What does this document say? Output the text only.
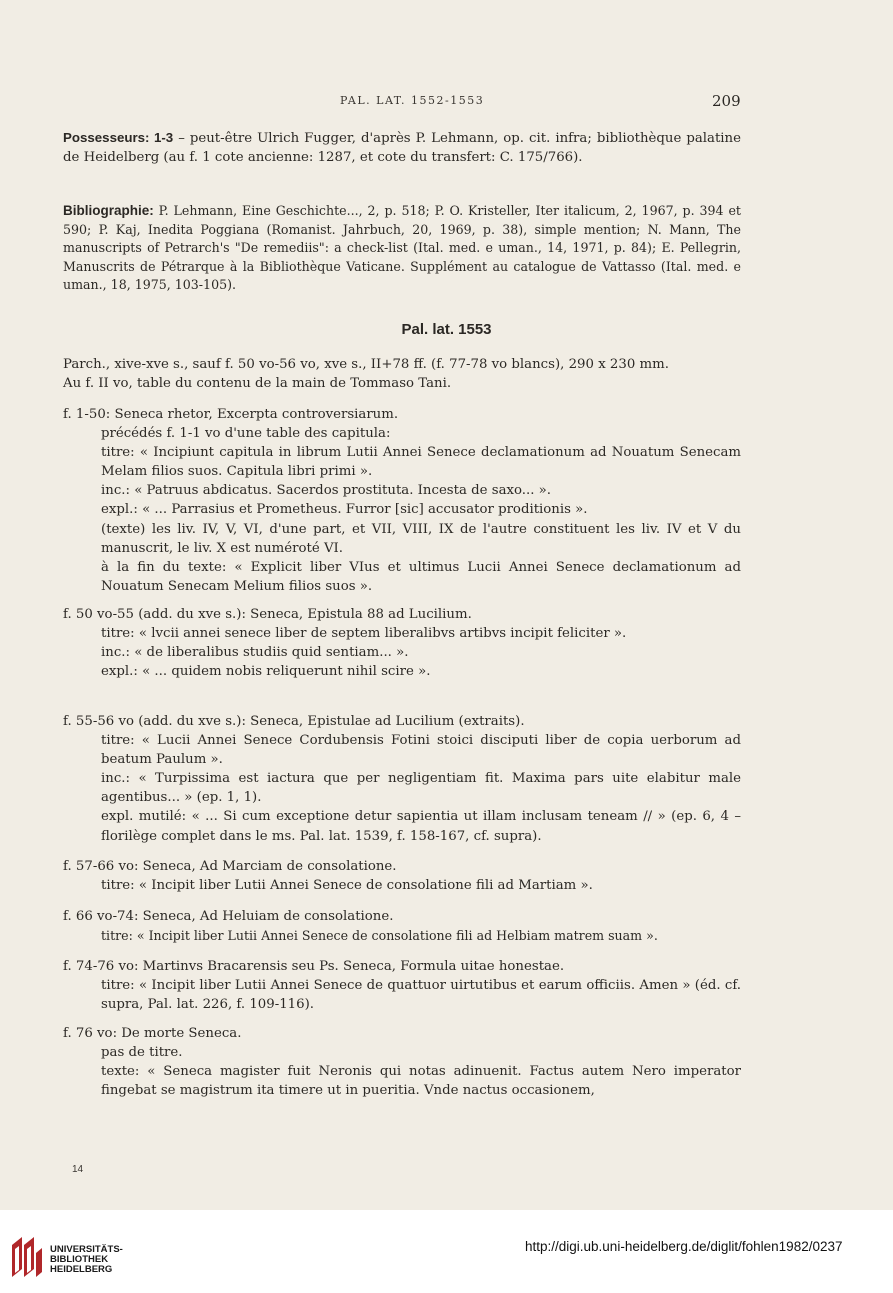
PAL. LAT. 1552-1553	209
Possesseurs: 1-3 – peut-être Ulrich Fugger, d'après P. Lehmann, op. cit. infra; bibliothèque palatine de Heidelberg (au f. 1 cote ancienne: 1287, et cote du transfert: C. 175/766).
Bibliographie: P. Lehmann, Eine Geschichte..., 2, p. 518; P. O. Kristeller, Iter italicum, 2, 1967, p. 394 et 590; P. Kaj, Inedita Poggiana (Romanist. Jahrbuch, 20, 1969, p. 38), simple mention; N. Mann, The manuscripts of Petrarch's "De remediis": a check-list (Ital. med. e uman., 14, 1971, p. 84); E. Pellegrin, Manuscrits de Pétrarque à la Bibliothèque Vaticane. Supplément au catalogue de Vattasso (Ital. med. e uman., 18, 1975, 103-105).
Pal. lat. 1553
Parch., xive-xve s., sauf f. 50 vo-56 vo, xve s., II+78 ff. (f. 77-78 vo blancs), 290 x 230 mm.
Au f. II vo, table du contenu de la main de Tommaso Tani.
f. 1-50: Seneca rhetor, Excerpta controversiarum.
précédés f. 1-1 vo d'une table des capitula:
titre: « Incipiunt capitula in librum Lutii Annei Senece declamationum ad Nouatum Senecam Melam filios suos. Capitula libri primi ».
inc.: « Patruus abdicatus. Sacerdos prostituta. Incesta de saxo... ».
expl.: « ... Parrasius et Prometheus. Furror [sic] accusator proditionis ».
(texte) les liv. IV, V, VI, d'une part, et VII, VIII, IX de l'autre constituent les liv. IV et V du manuscrit, le liv. X est numéroté VI.
à la fin du texte: « Explicit liber VIus et ultimus Lucii Annei Senece declamationum ad Nouatum Senecam Melium filios suos ».
f. 50 vo-55 (add. du xve s.): Seneca, Epistula 88 ad Lucilium.
titre: « lvcii annei senece liber de septem liberalibvs artibvs incipit feliciter ».
inc.: « de liberalibus studiis quid sentiam... ».
expl.: « ... quidem nobis reliquerunt nihil scire ».
f. 55-56 vo (add. du xve s.): Seneca, Epistulae ad Lucilium (extraits).
titre: « Lucii Annei Senece Cordubensis Fotini stoici disciputi liber de copia uerborum ad beatum Paulum ».
inc.: « Turpissima est iactura que per negligentiam fit. Maxima pars uite elabitur male agentibus... » (ep. 1, 1).
expl. mutilé: « ... Si cum exceptione detur sapientia ut illam inclusam teneam // » (ep. 6, 4 – florilège complet dans le ms. Pal. lat. 1539, f. 158-167, cf. supra).
f. 57-66 vo: Seneca, Ad Marciam de consolatione.
titre: « Incipit liber Lutii Annei Senece de consolatione fili ad Martiam ».
f. 66 vo-74: Seneca, Ad Heluiam de consolatione.
titre: « Incipit liber Lutii Annei Senece de consolatione fili ad Helbiam matrem suam ».
f. 74-76 vo: Martinvs Bracarensis seu Ps. Seneca, Formula uitae honestae.
titre: « Incipit liber Lutii Annei Senece de quattuor uirtutibus et earum officiis. Amen » (éd. cf. supra, Pal. lat. 226, f. 109-116).
f. 76 vo: De morte Seneca.
pas de titre.
texte: « Seneca magister fuit Neronis qui notas adinuenit. Factus autem Nero imperator fingebat se magistrum ita timere ut in pueritia. Vnde nactus occasionem,
14
UNIVERSITÄTS-
BIBLIOTHEK
HEIDELBERG
http://digi.ub.uni-heidelberg.de/diglit/fohlen1982/0237
